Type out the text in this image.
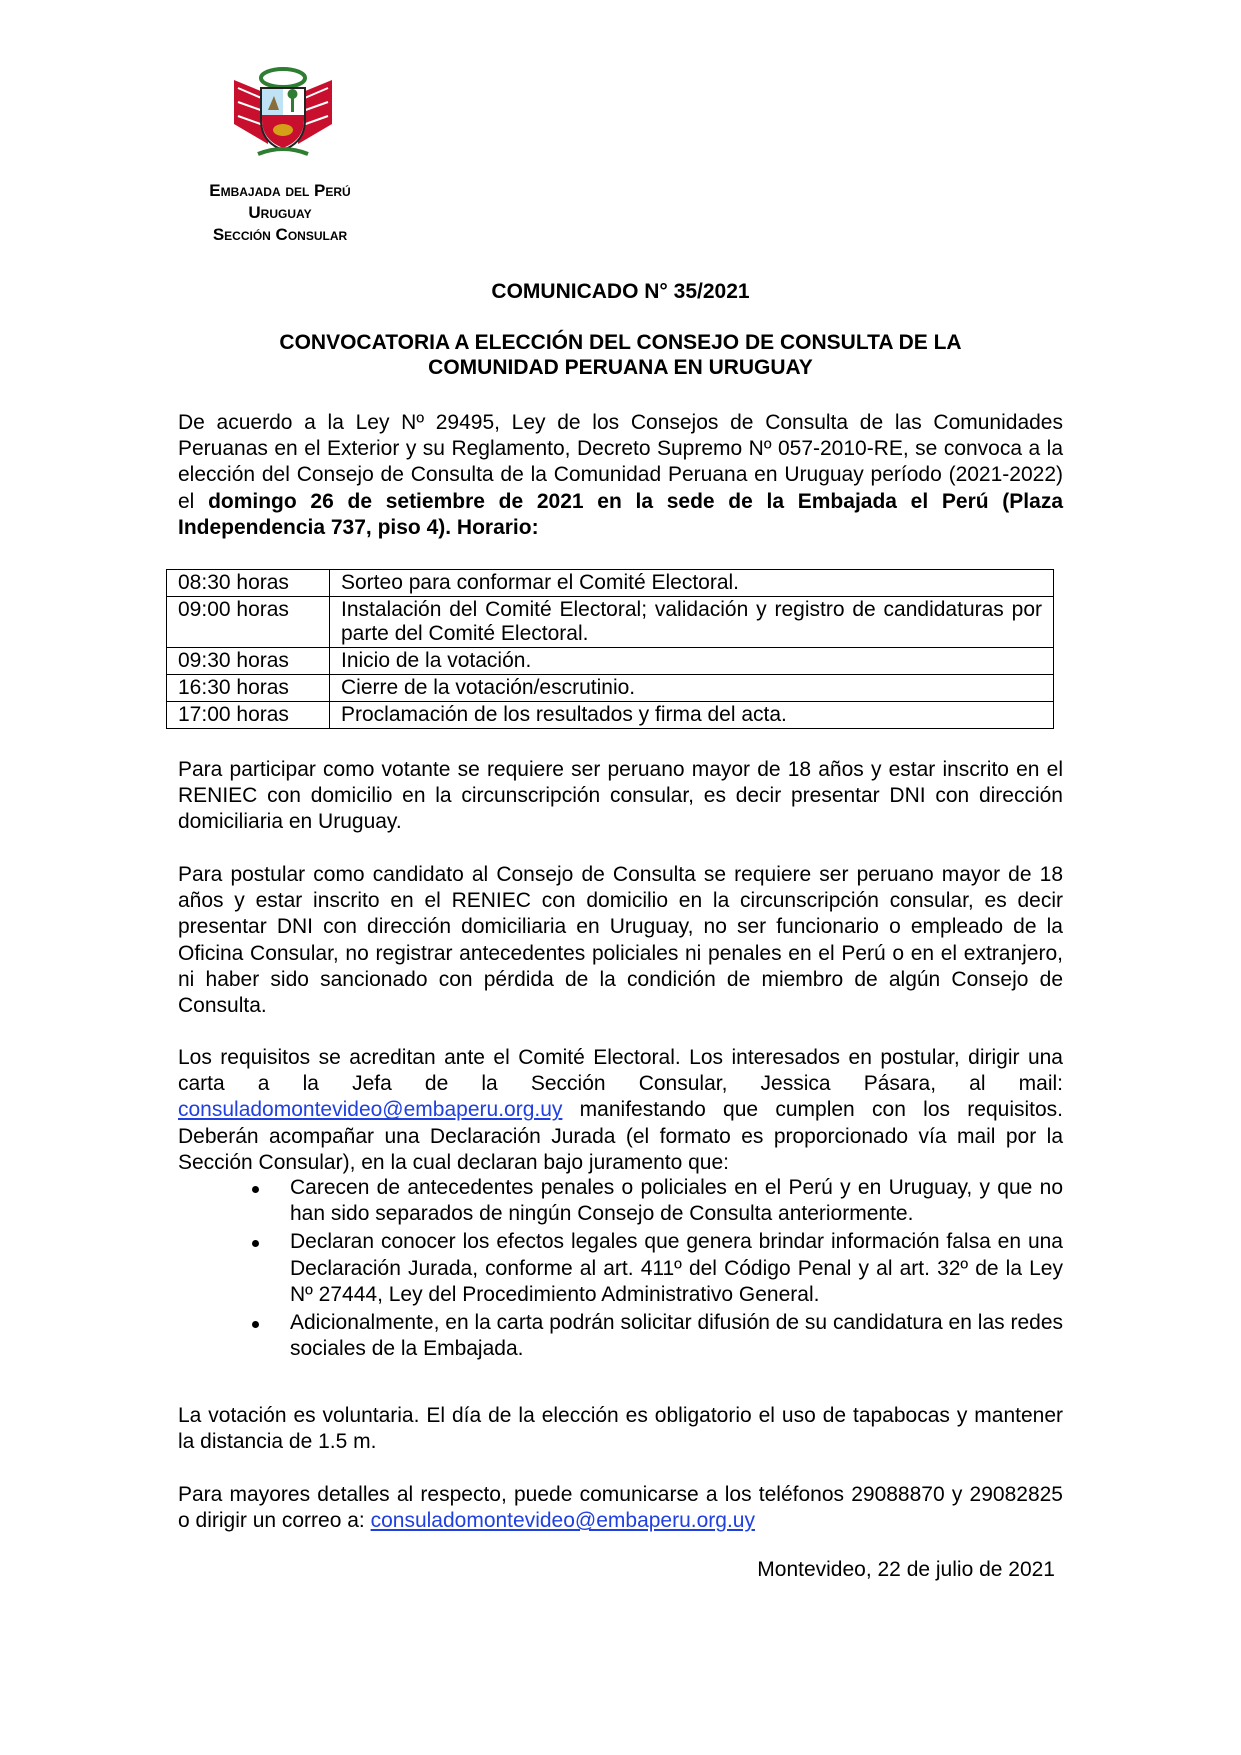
Embajada del Perú
Uruguay
Sección Consular
COMUNICADO N° 35/2021
CONVOCATORIA A ELECCIÓN DEL CONSEJO DE CONSULTA DE LA
COMUNIDAD PERUANA EN URUGUAY

De acuerdo a la Ley Nº 29495, Ley de los Consejos de Consulta de las Comunidades Peruanas en el Exterior y su Reglamento, Decreto Supremo Nº 057-2010-RE, se convoca a la elección del Consejo de Consulta de la Comunidad Peruana en Uruguay período (2021-2022) el domingo 26 de setiembre de 2021 en la sede de la Embajada el Perú (Plaza Independencia 737, piso 4). Horario:

08:30 horas	Sorteo para conformar el Comité Electoral.
09:00 horas	Instalación del Comité Electoral; validación y registro de candidaturas por parte del Comité Electoral.
09:30 horas	Inicio de la votación.
16:30 horas	Cierre de la votación/escrutinio.
17:00 horas	Proclamación de los resultados y firma del acta.

Para participar como votante se requiere ser peruano mayor de 18 años y estar inscrito en el RENIEC con domicilio en la circunscripción consular, es decir presentar DNI con dirección domiciliaria en Uruguay.

Para postular como candidato al Consejo de Consulta se requiere ser peruano mayor de 18 años y estar inscrito en el RENIEC con domicilio en la circunscripción consular, es decir presentar DNI con dirección domiciliaria en Uruguay, no ser funcionario o empleado de la Oficina Consular, no registrar antecedentes policiales ni penales en el Perú o en el extranjero, ni haber sido sancionado con pérdida de la condición de miembro de algún Consejo de Consulta.

Los requisitos se acreditan ante el Comité Electoral. Los interesados en postular, dirigir una carta a la Jefa de la Sección Consular, Jessica Pásara, al mail: consuladomontevideo@embaperu.org.uy manifestando que cumplen con los requisitos. Deberán acompañar una Declaración Jurada (el formato es proporcionado vía mail por la Sección Consular), en la cual declaran bajo juramento que:

Carecen de antecedentes penales o policiales en el Perú y en Uruguay, y que no han sido separados de ningún Consejo de Consulta anteriormente.
Declaran conocer los efectos legales que genera brindar información falsa en una Declaración Jurada, conforme al art. 411º del Código Penal y al art. 32º de la Ley Nº 27444, Ley del Procedimiento Administrativo General.
Adicionalmente, en la carta podrán solicitar difusión de su candidatura en las redes sociales de la Embajada.

La votación es voluntaria. El día de la elección es obligatorio el uso de tapabocas y mantener la distancia de 1.5 m.

Para mayores detalles al respecto, puede comunicarse a los teléfonos 29088870 y 29082825 o dirigir un correo a: consuladomontevideo@embaperu.org.uy

Montevideo, 22 de julio de 2021
